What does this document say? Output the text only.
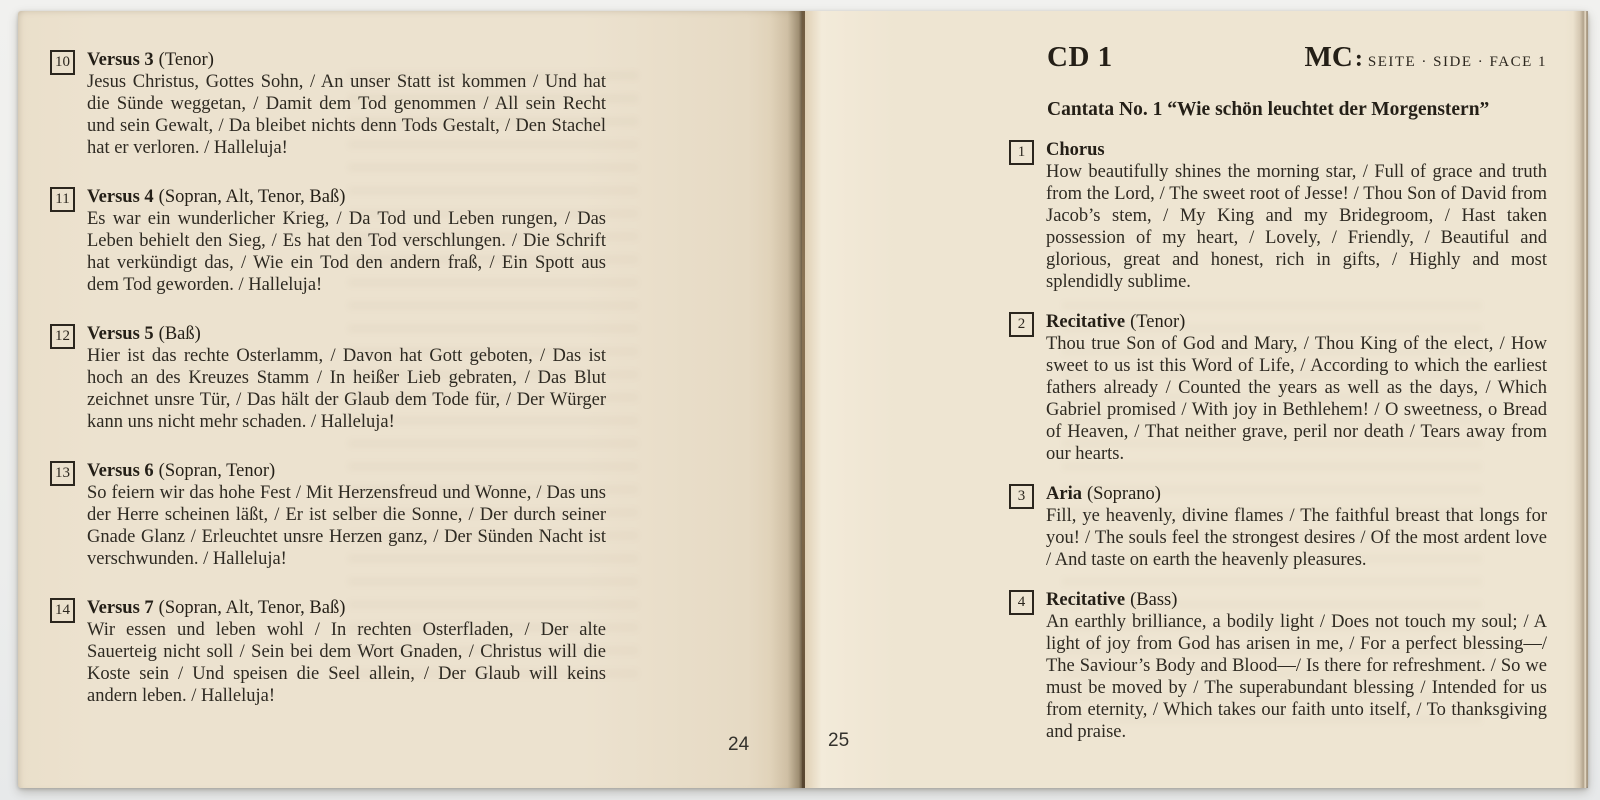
10 Versus 3 (Tenor)
Jesus Christus, Gottes Sohn, / An unser Statt ist kommen / Und hat die Sünde weggetan, / Damit dem Tod genommen / All sein Recht und sein Gewalt, / Da bleibet nichts denn Tods Gestalt, / Den Stachel hat er verloren. / Halleluja!
11 Versus 4 (Sopran, Alt, Tenor, Baß)
Es war ein wunderlicher Krieg, / Da Tod und Leben rungen, / Das Leben behielt den Sieg, / Es hat den Tod verschlungen. / Die Schrift hat verkündigt das, / Wie ein Tod den andern fraß, / Ein Spott aus dem Tod geworden. / Halleluja!
12 Versus 5 (Baß)
Hier ist das rechte Osterlamm, / Davon hat Gott geboten, / Das ist hoch an des Kreuzes Stamm / In heißer Lieb gebraten, / Das Blut zeichnet unsre Tür, / Das hält der Glaub dem Tode für, / Der Würger kann uns nicht mehr schaden. / Halleluja!
13 Versus 6 (Sopran, Tenor)
So feiern wir das hohe Fest / Mit Herzensfreud und Wonne, / Das uns der Herre scheinen läßt, / Er ist selber die Sonne, / Der durch seiner Gnade Glanz / Erleuchtet unsre Herzen ganz, / Der Sünden Nacht ist verschwunden. / Halleluja!
14 Versus 7 (Sopran, Alt, Tenor, Baß)
Wir essen und leben wohl / In rechten Osterfladen, / Der alte Sauerteig nicht soll / Sein bei dem Wort Gnaden, / Christus will die Koste sein / Und speisen die Seel allein, / Der Glaub will keins andern leben. / Halleluja!
24
CD 1	MC: SEITE · SIDE · FACE 1
Cantata No. 1 “Wie schön leuchtet der Morgenstern”
1	Chorus
How beautifully shines the morning star, / Full of grace and truth from the Lord, / The sweet root of Jesse! / Thou Son of David from Jacob’s stem, / My King and my Bridegroom, / Hast taken possession of my heart, / Lovely, / Friendly, / Beautiful and glorious, great and honest, rich in gifts, / Highly and most splendidly sublime.
2	Recitative (Tenor)
Thou true Son of God and Mary, / Thou King of the elect, / How sweet to us ist this Word of Life, / According to which the earliest fathers already / Counted the years as well as the days, / Which Gabriel promised / With joy in Bethlehem! / O sweetness, o Bread of Heaven, / That neither grave, peril nor death / Tears away from our hearts.
3	Aria (Soprano)
Fill, ye heavenly, divine flames / The faithful breast that longs for you! / The souls feel the strongest desires / Of the most ardent love / And taste on earth the heavenly pleasures.
4	Recitative (Bass)
An earthly brilliance, a bodily light / Does not touch my soul; / A light of joy from God has arisen in me, / For a perfect blessing—/ The Saviour’s Body and Blood—/ Is there for refreshment. / So we must be moved by / The superabundant blessing / Intended for us from eternity, / Which takes our faith unto itself, / To thanksgiving and praise.
25
